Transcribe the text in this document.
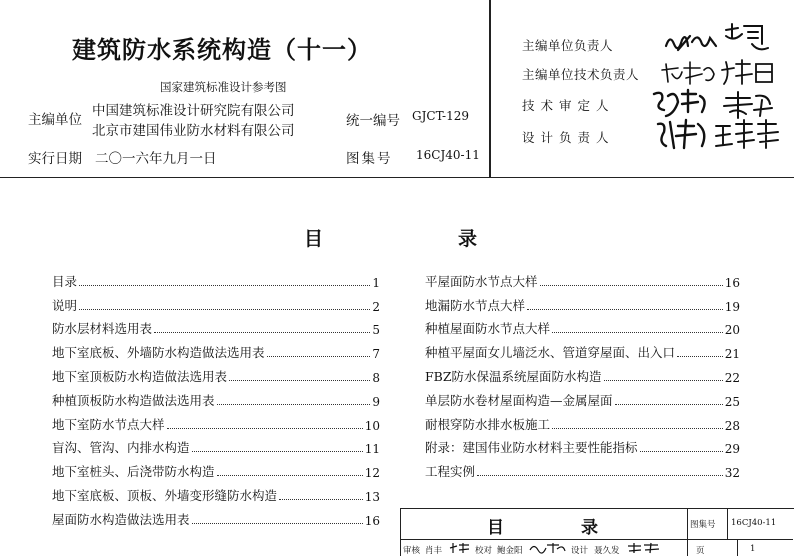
建筑防水系统构造（十一）
国家建筑标准设计参考图
主编单位
中国建筑标准设计研究院有限公司
北京市建国伟业防水材料有限公司
统一编号 GJCT-129
实行日期 二〇一六年九月一日	图集号 16CJ40-11
主编单位负责人
主编单位技术负责人
技术审定人
设计负责人
目	录
目录	1
说明	2
防水层材料选用表	5
地下室底板、外墙防水构造做法选用表	7
地下室顶板防水构造做法选用表	8
种植顶板防水构造做法选用表	9
地下室防水节点大样	10
盲沟、管沟、内排水构造	11
地下室桩头、后浇带防水构造	12
地下室底板、顶板、外墙变形缝防水构造	13
屋面防水构造做法选用表	16
平屋面防水节点大样	16
地漏防水节点大样	19
种植屋面防水节点大样	20
种植平屋面女儿墙泛水、管道穿屋面、出入口	21
FBZ防水保温系统屋面防水构造	22
单层防水卷材屋面构造—金属屋面	25
耐根穿防水排水板施工	28
附录：建国伟业防水材料主要性能指标	29
工程实例	32
目	录	图集号 16CJ40-11
审核 肖丰	校对 鲍金阳	设计 聂久发	页	1
